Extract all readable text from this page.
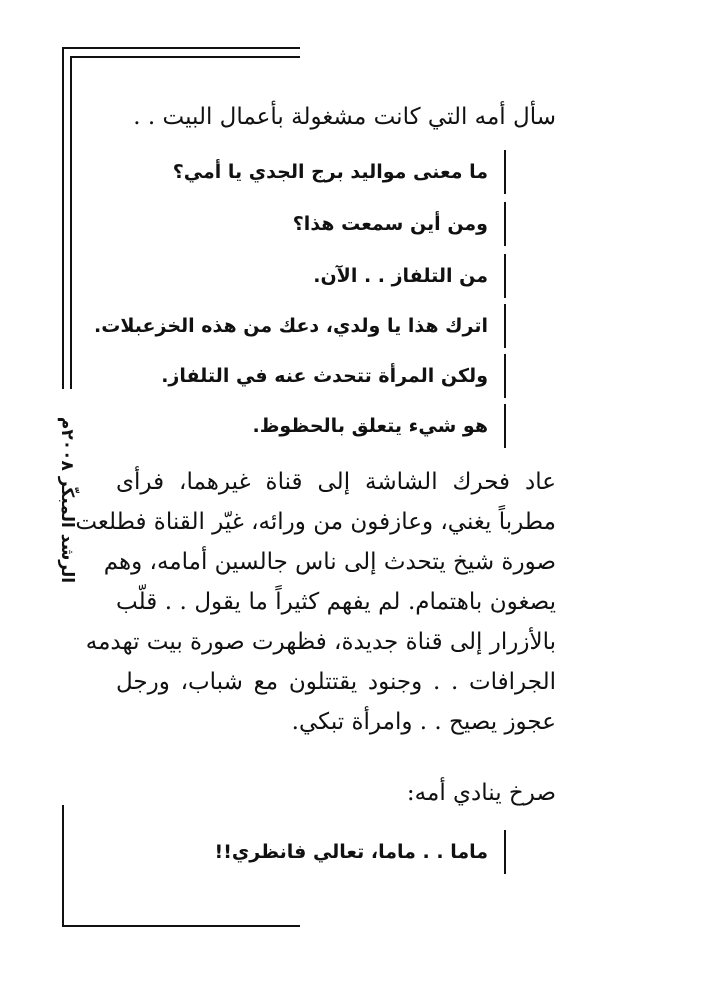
الرشد المبكّر ٢٠٠٨م
سأل أمه التي كانت مشغولة بأعمال البيت . .
ما معنى مواليد برج الجدي يا أمي؟
ومن أين سمعت هذا؟
من التلفاز . . الآن.
اترك هذا يا ولدي، دعك من هذه الخزعبلات.
ولكن المرأة تتحدث عنه في التلفاز.
هو شيء يتعلق بالحظوظ.
عاد فحرك الشاشة إلى قناة غيرهما، فرأى
مطرباً يغني، وعازفون من ورائه، غيّر القناة فطلعت
صورة شيخ يتحدث إلى ناس جالسين أمامه، وهم
يصغون باهتمام. لم يفهم كثيراً ما يقول . . قلّب
بالأزرار إلى قناة جديدة، فظهرت صورة بيت تهدمه
الجرافات . . وجنود يقتتلون مع شباب، ورجل
عجوز يصيح . . وامرأة تبكي.
صرخ ينادي أمه:
ماما . . ماما، تعالي فانظري!!
